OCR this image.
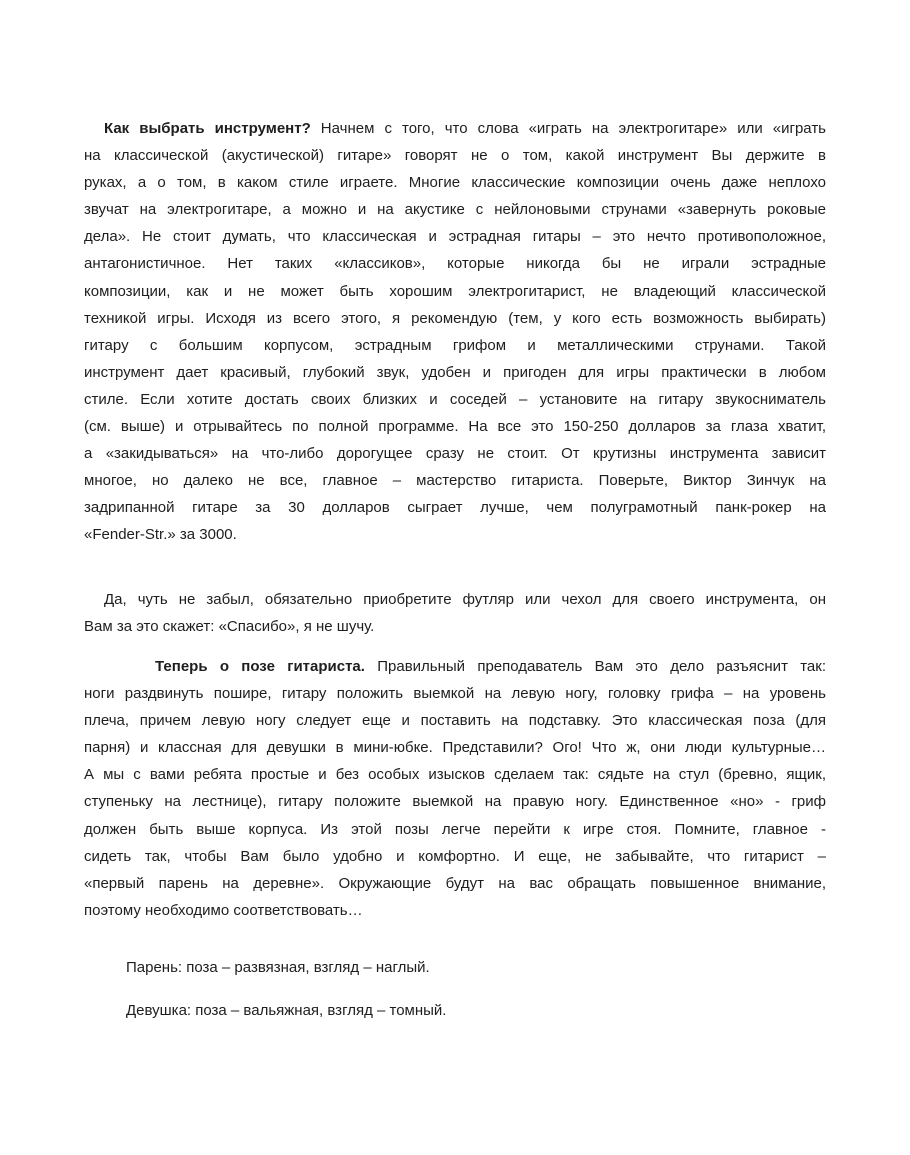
Как выбрать инструмент? Начнем с того, что слова «играть на электрогитаре» или «играть
на классической (акустической) гитаре» говорят не о том, какой инструмент Вы держите в
руках, а о том, в каком стиле играете. Многие классические композиции очень даже неплохо
звучат на электрогитаре, а можно и на акустике с нейлоновыми струнами «завернуть роковые
дела». Не стоит думать, что классическая и эстрадная гитары – это нечто противоположное,
антагонистичное. Нет таких «классиков», которые никогда бы не играли эстрадные
композиции, как и не может быть хорошим электрогитарист, не владеющий классической
техникой игры. Исходя из всего этого, я рекомендую (тем, у кого есть возможность выбирать)
гитару с большим корпусом, эстрадным грифом и металлическими струнами. Такой
инструмент дает красивый, глубокий звук, удобен и пригоден для игры практически в любом
стиле. Если хотите достать своих близких и соседей – установите на гитару звукосниматель
(см. выше) и отрывайтесь по полной программе. На все это 150-250 долларов за глаза хватит,
а «закидываться» на что-либо дорогущее сразу не стоит. От крутизны инструмента зависит
многое, но далеко не все, главное – мастерство гитариста. Поверьте, Виктор Зинчук на
задрипанной гитаре за 30 долларов сыграет лучше, чем полуграмотный панк-рокер на
«Fender-Str.» за 3000.
Да, чуть не забыл, обязательно приобретите футляр или чехол для своего инструмента, он
Вам за это скажет: «Спасибо», я не шучу.
Теперь о позе гитариста. Правильный преподаватель Вам это дело разъяснит так:
ноги раздвинуть пошире, гитару положить выемкой на левую ногу, головку грифа – на уровень
плеча, причем левую ногу следует еще и поставить на подставку. Это классическая поза (для
парня) и классная для девушки в мини-юбке. Представили? Ого! Что ж, они люди культурные…
А мы с вами ребята простые и без особых изысков сделаем так: сядьте на стул (бревно, ящик,
ступеньку на лестнице), гитару положите выемкой на правую ногу. Единственное «но» - гриф
должен быть выше корпуса. Из этой позы легче перейти к игре стоя. Помните, главное -
сидеть так, чтобы Вам было удобно и комфортно. И еще, не забывайте, что гитарист –
«первый парень на деревне». Окружающие будут на вас обращать повышенное внимание,
поэтому необходимо соответствовать…
Парень: поза – развязная, взгляд – наглый.
Девушка: поза – вальяжная, взгляд – томный.
